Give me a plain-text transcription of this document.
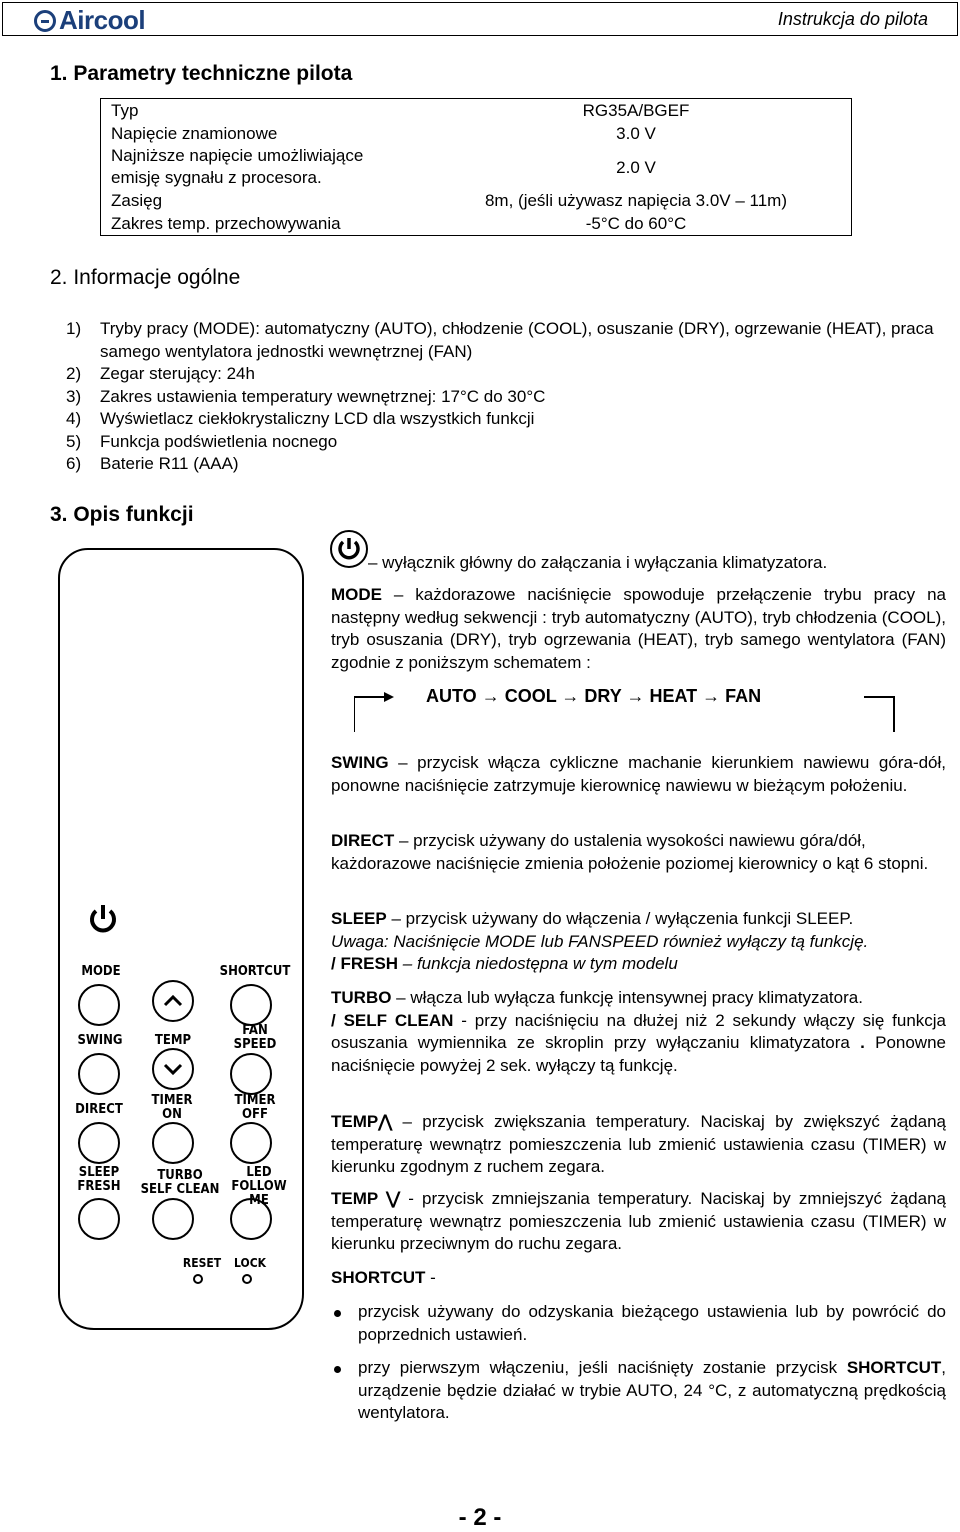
Aircool	Instrukcja do pilota
1. Parametry techniczne pilota
Typ	RG35A/BGEF
Napięcie znamionowe	3.0 V
Najniższe napięcie umożliwiające emisję sygnału z procesora.	2.0 V
Zasięg	8m, (jeśli używasz napięcia 3.0V – 11m)
Zakres temp. przechowywania	-5°C do 60°C
2. Informacje ogólne
1)	Tryby pracy (MODE): automatyczny (AUTO), chłodzenie (COOL), osuszanie (DRY), ogrzewanie (HEAT), praca samego wentylatora jednostki wewnętrznej (FAN)
2)	Zegar sterujący: 24h
3)	Zakres ustawienia temperatury wewnętrznej: 17°C do 30°C
4)	Wyświetlacz ciekłokrystaliczny LCD dla wszystkich funkcji
5)	Funkcja podświetlenia nocnego
6)	Baterie R11 (AAA)
3. Opis funkcji
– wyłącznik główny do załączania i wyłączania klimatyzatora.
MODE – każdorazowe naciśnięcie spowoduje przełączenie trybu pracy na następny według sekwencji : tryb automatyczny (AUTO), tryb chłodzenia (COOL), tryb osuszania (DRY), tryb ogrzewania (HEAT), tryb samego wentylatora (FAN) zgodnie z poniższym schematem :
AUTO → COOL → DRY → HEAT → FAN
SWING – przycisk włącza cykliczne machanie kierunkiem nawiewu góra-dół, ponowne naciśnięcie zatrzymuje kierownicę nawiewu w bieżącym położeniu.
DIRECT – przycisk używany do ustalenia wysokości nawiewu góra/dół, każdorazowe naciśnięcie zmienia położenie poziomej kierownicy o kąt 6 stopni.
SLEEP – przycisk używany do włączenia / wyłączenia funkcji SLEEP.
Uwaga: Naciśnięcie MODE lub FANSPEED również wyłączy tą funkcję.
/ FRESH – funkcja niedostępna w tym modelu
TURBO – włącza lub wyłącza funkcję intensywnej pracy klimatyzatora.
/ SELF CLEAN - przy naciśnięciu na dłużej niż 2 sekundy włączy się funkcja osuszania wymiennika ze skroplin przy wyłączaniu klimatyzatora . Ponowne naciśnięcie powyżej 2 sek. wyłączy tą funkcję.
TEMP⋀ – przycisk zwiększania temperatury. Naciskaj by zwiększyć żądaną temperaturę wewnątrz pomieszczenia lub zmienić ustawienia czasu (TIMER) w kierunku zgodnym z ruchem zegara.
TEMP ⋁ - przycisk zmniejszania temperatury. Naciskaj by zmniejszyć żądaną temperaturę wewnątrz pomieszczenia lub zmienić ustawienia czasu (TIMER) w kierunku przeciwnym do ruchu zegara.
SHORTCUT -
przycisk używany do odzyskania bieżącego ustawienia lub by powrócić do poprzednich ustawień.
przy pierwszym włączeniu, jeśli naciśnięty zostanie przycisk SHORTCUT, urządzenie będzie działać w trybie AUTO, 24 °C, z automatyczną prędkością wentylatora.
MODE	SHORTCUT
SWING	TEMP
FAN
SPEED
DIRECT
TIMER
ON
TIMER
OFF
SLEEP
FRESH
TURBO
SELF CLEAN
LED
FOLLOW ME
RESET	LOCK
- 2 -
